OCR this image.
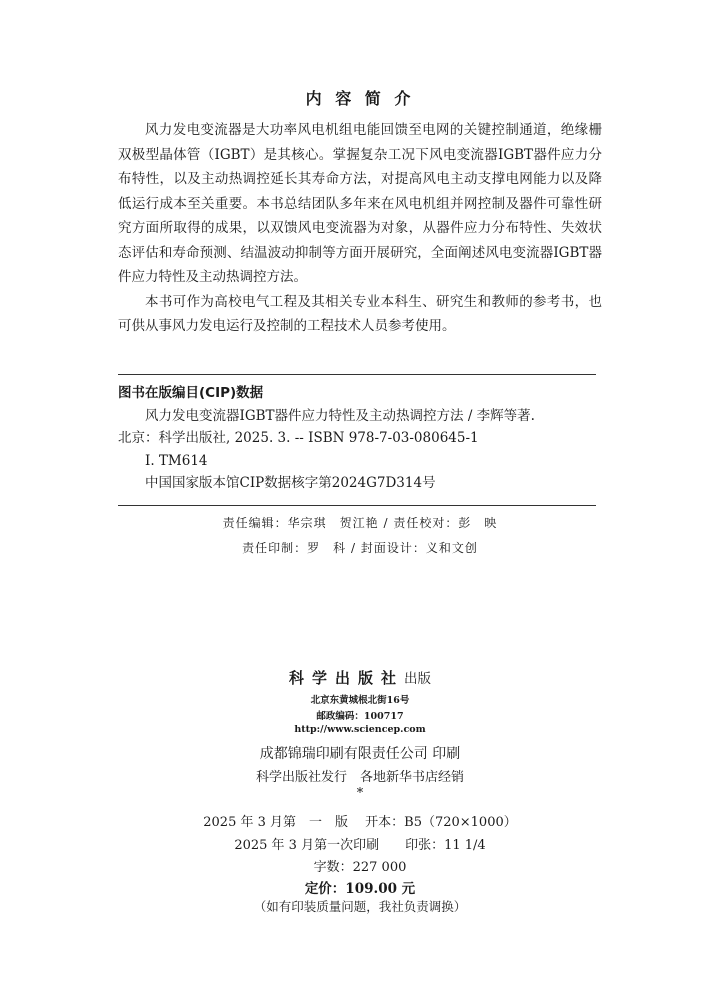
内 容 简 介

风力发电变流器是大功率风电机组电能回馈至电网的关键控制通道，绝缘栅双极型晶体管（IGBT）是其核心。掌握复杂工况下风电变流器IGBT器件应力分布特性，以及主动热调控延长其寿命方法，对提高风电主动支撑电网能力以及降低运行成本至关重要。本书总结团队多年来在风电机组并网控制及器件可靠性研究方面所取得的成果，以双馈风电变流器为对象，从器件应力分布特性、失效状态评估和寿命预测、结温波动抑制等方面开展研究，全面阐述风电变流器IGBT器件应力特性及主动热调控方法。

本书可作为高校电气工程及其相关专业本科生、研究生和教师的参考书，也可供从事风力发电运行及控制的工程技术人员参考使用。

图书在版编目(CIP)数据
风力发电变流器IGBT器件应力特性及主动热调控方法 / 李辉等著.
北京：科学出版社, 2025. 3. -- ISBN 978-7-03-080645-1
Ⅰ. TM614
中国国家版本馆CIP数据核字第2024G7D314号
责任编辑：华宗琪　贺江艳 / 责任校对：彭　映
责任印制：罗　科 / 封面设计：义和文创
科学出版社出版
北京东黄城根北街16号
邮政编码：100717
http://www.sciencep.com
成都锦瑞印刷有限责任公司 印刷
科学出版社发行　各地新华书店经销
*
2025 年 3 月第　一　版　 开本：B5（720×1000）
2025 年 3 月第一次印刷　　印张：11 1/4
字数：227 000
定价：109.00 元
（如有印装质量问题，我社负责调换）
